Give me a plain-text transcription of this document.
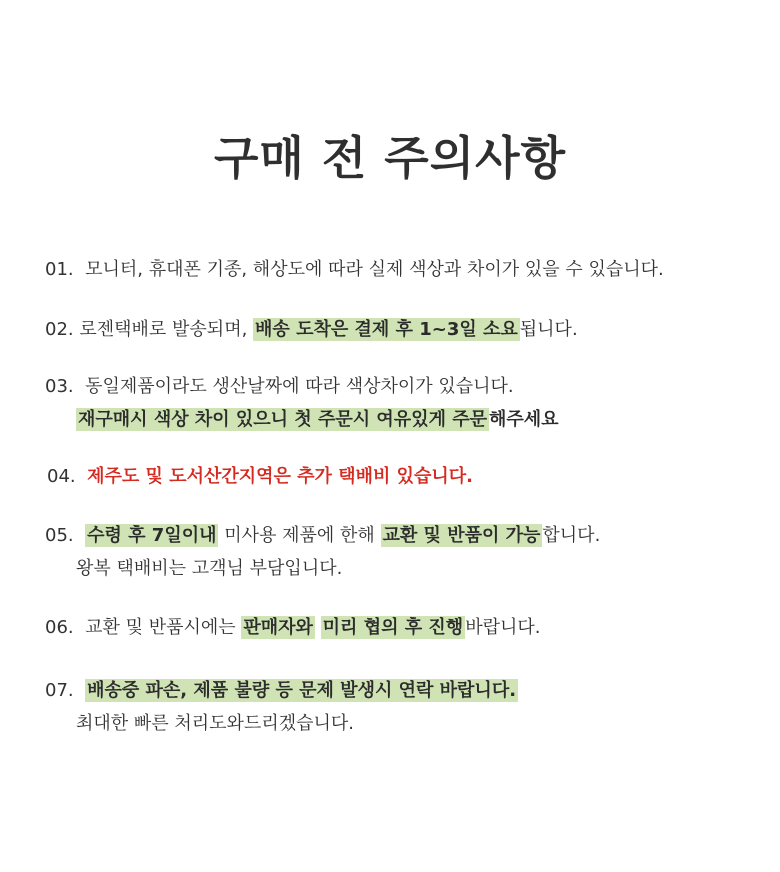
구매 전 주의사항
01. 모니터, 휴대폰 기종, 해상도에 따라 실제 색상과 차이가 있을 수 있습니다.
02. 로젠택배로 발송되며, 배송 도착은 결제 후 1~3일 소요 됩니다.
03. 동일제품이라도 생산날짜에 따라 색상차이가 있습니다.
재구매시 색상 차이 있으니 첫 주문시 여유있게 주문 해주세요
04. 제주도 및 도서산간지역은 추가 택배비 있습니다.
05. 수령 후 7일이내 미사용 제품에 한해 교환 및 반품이 가능 합니다.
왕복 택배비는 고객님 부담입니다.
06. 교환 및 반품시에는 판매자와 미리 협의 후 진행 바랍니다.
07. 배송중 파손, 제품 불량 등 문제 발생시 연락 바랍니다.
최대한 빠른 처리도와드리겠습니다.
